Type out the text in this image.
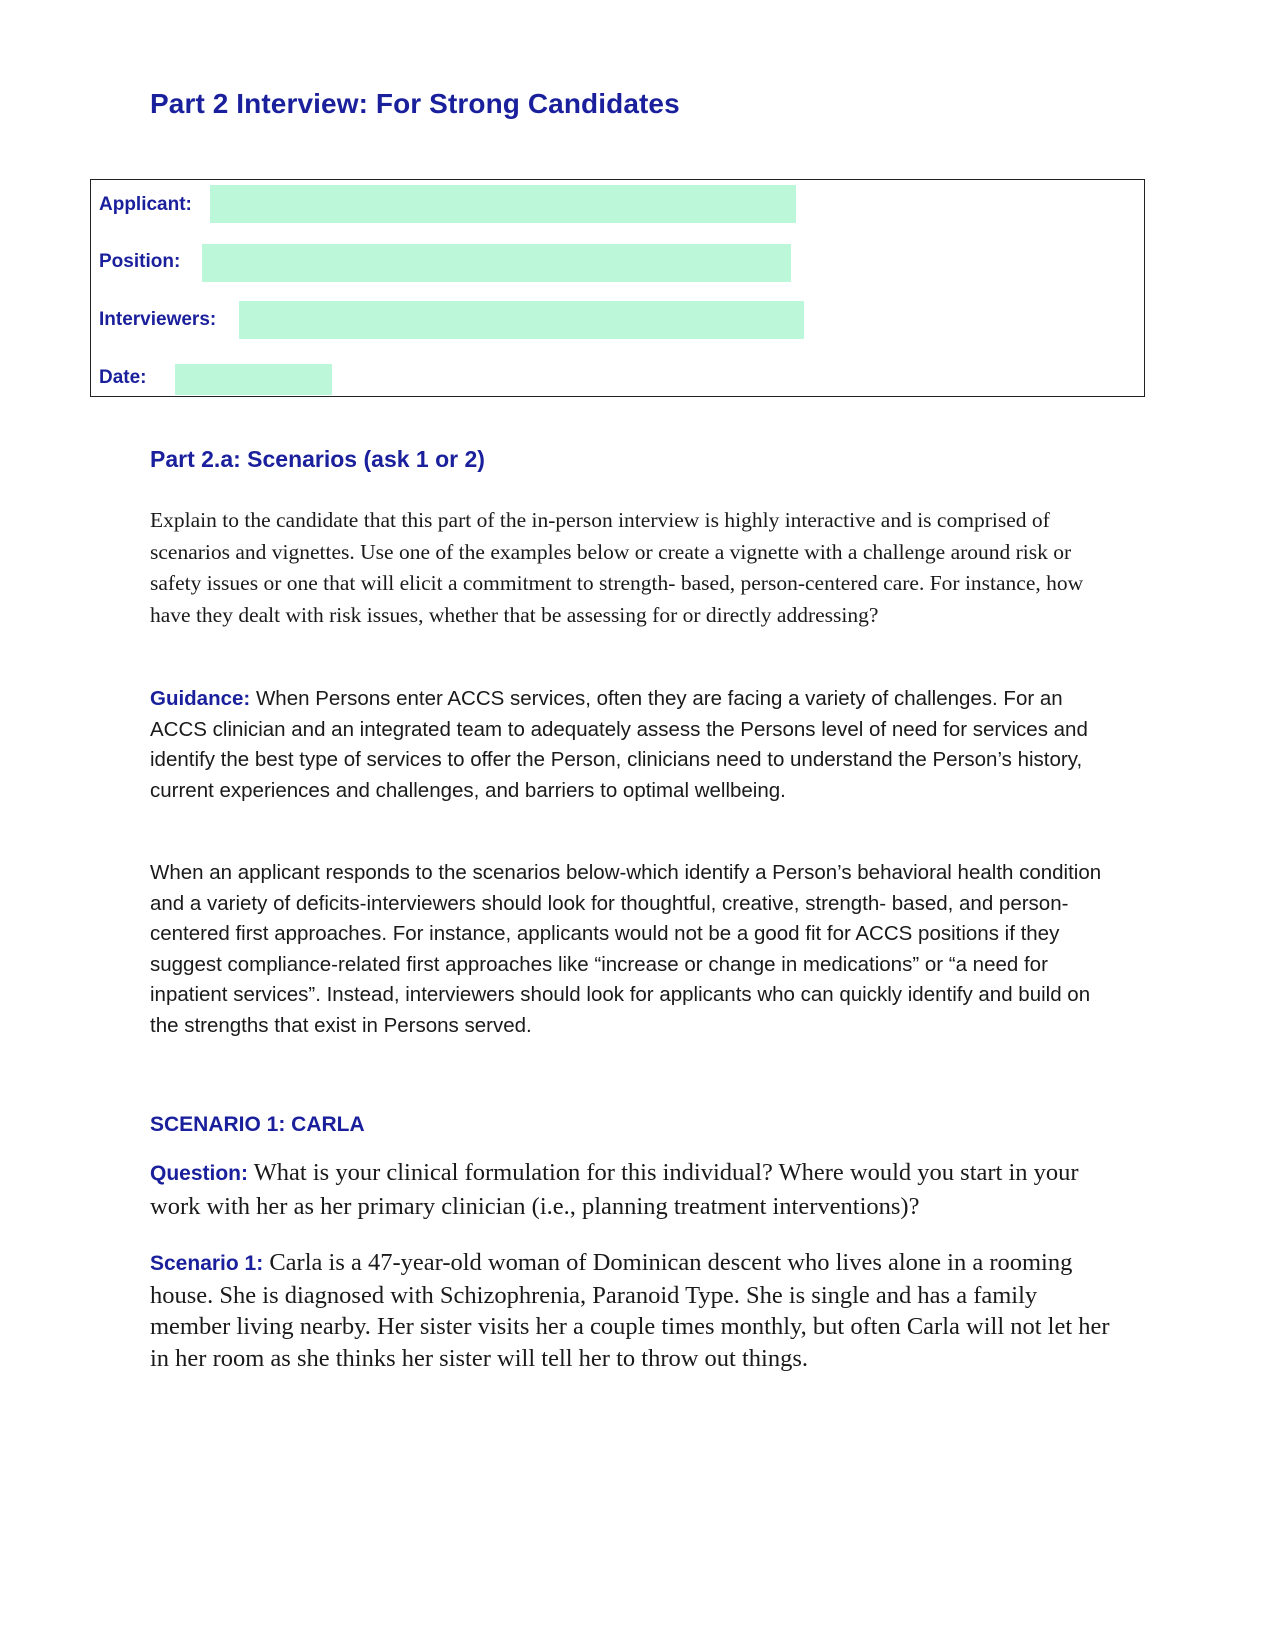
Part 2 Interview: For Strong Candidates
Applicant:
Position:
Interviewers:
Date:
Part 2.a: Scenarios (ask 1 or 2)

Explain to the candidate that this part of the in-person interview is highly interactive and is comprised of scenarios and vignettes. Use one of the examples below or create a vignette with a challenge around risk or safety issues or one that will elicit a commitment to strength- based, person-centered care. For instance, how have they dealt with risk issues, whether that be assessing for or directly addressing?

Guidance: When Persons enter ACCS services, often they are facing a variety of challenges. For an ACCS clinician and an integrated team to adequately assess the Persons level of need for services and identify the best type of services to offer the Person, clinicians need to understand the Person’s history, current experiences and challenges, and barriers to optimal wellbeing.

When an applicant responds to the scenarios below-which identify a Person’s behavioral health condition and a variety of deficits-interviewers should look for thoughtful, creative, strength- based, and person-centered first approaches. For instance, applicants would not be a good fit for ACCS positions if they suggest compliance-related first approaches like “increase or change in medications” or “a need for inpatient services”. Instead, interviewers should look for applicants who can quickly identify and build on the strengths that exist in Persons served.

SCENARIO 1: CARLA

Question: What is your clinical formulation for this individual? Where would you start in your work with her as her primary clinician (i.e., planning treatment interventions)?

Scenario 1: Carla is a 47-year-old woman of Dominican descent who lives alone in a rooming house. She is diagnosed with Schizophrenia, Paranoid Type. She is single and has a family member living nearby. Her sister visits her a couple times monthly, but often Carla will not let her in her room as she thinks her sister will tell her to throw out things.
